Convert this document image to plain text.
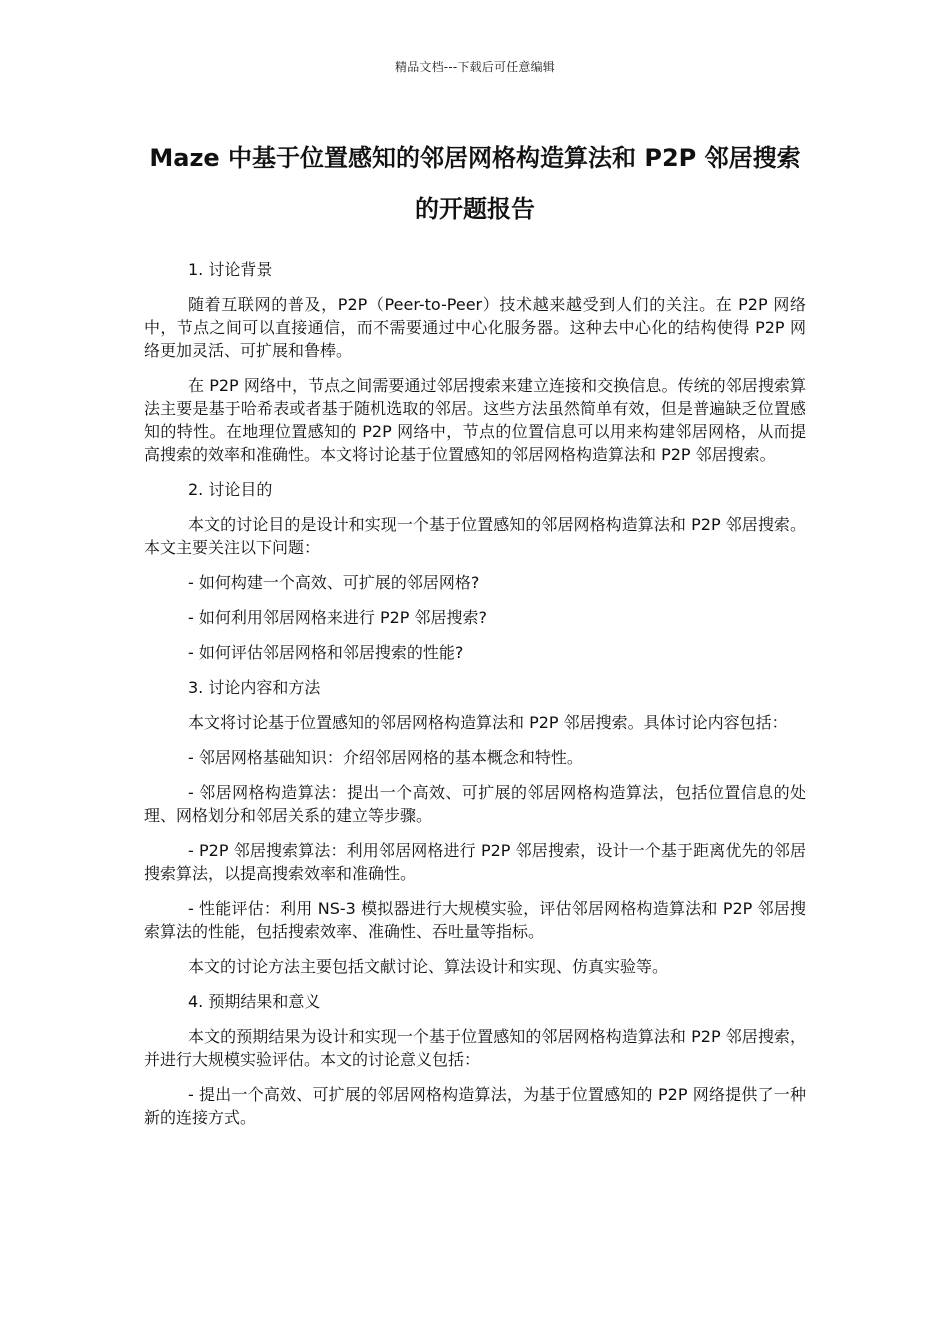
精品文档---下载后可任意编辑
Maze 中基于位置感知的邻居网格构造算法和 P2P 邻居搜索
的开题报告

1. 讨论背景

随着互联网的普及，P2P（Peer-to-Peer）技术越来越受到人们的关注。在 P2P 网络中，节点之间可以直接通信，而不需要通过中心化服务器。这种去中心化的结构使得 P2P 网络更加灵活、可扩展和鲁棒。

在 P2P 网络中，节点之间需要通过邻居搜索来建立连接和交换信息。传统的邻居搜索算法主要是基于哈希表或者基于随机选取的邻居。这些方法虽然简单有效，但是普遍缺乏位置感知的特性。在地理位置感知的 P2P 网络中，节点的位置信息可以用来构建邻居网格，从而提高搜索的效率和准确性。本文将讨论基于位置感知的邻居网格构造算法和 P2P 邻居搜索。

2. 讨论目的

本文的讨论目的是设计和实现一个基于位置感知的邻居网格构造算法和 P2P 邻居搜索。本文主要关注以下问题：

- 如何构建一个高效、可扩展的邻居网格?

- 如何利用邻居网格来进行 P2P 邻居搜索?

- 如何评估邻居网格和邻居搜索的性能?

3. 讨论内容和方法

本文将讨论基于位置感知的邻居网格构造算法和 P2P 邻居搜索。具体讨论内容包括：

- 邻居网格基础知识：介绍邻居网格的基本概念和特性。

- 邻居网格构造算法：提出一个高效、可扩展的邻居网格构造算法，包括位置信息的处理、网格划分和邻居关系的建立等步骤。

- P2P 邻居搜索算法：利用邻居网格进行 P2P 邻居搜索，设计一个基于距离优先的邻居搜索算法，以提高搜索效率和准确性。

- 性能评估：利用 NS-3 模拟器进行大规模实验，评估邻居网格构造算法和 P2P 邻居搜索算法的性能，包括搜索效率、准确性、吞吐量等指标。

本文的讨论方法主要包括文献讨论、算法设计和实现、仿真实验等。

4. 预期结果和意义

本文的预期结果为设计和实现一个基于位置感知的邻居网格构造算法和 P2P 邻居搜索，并进行大规模实验评估。本文的讨论意义包括：

- 提出一个高效、可扩展的邻居网格构造算法，为基于位置感知的 P2P 网络提供了一种新的连接方式。
